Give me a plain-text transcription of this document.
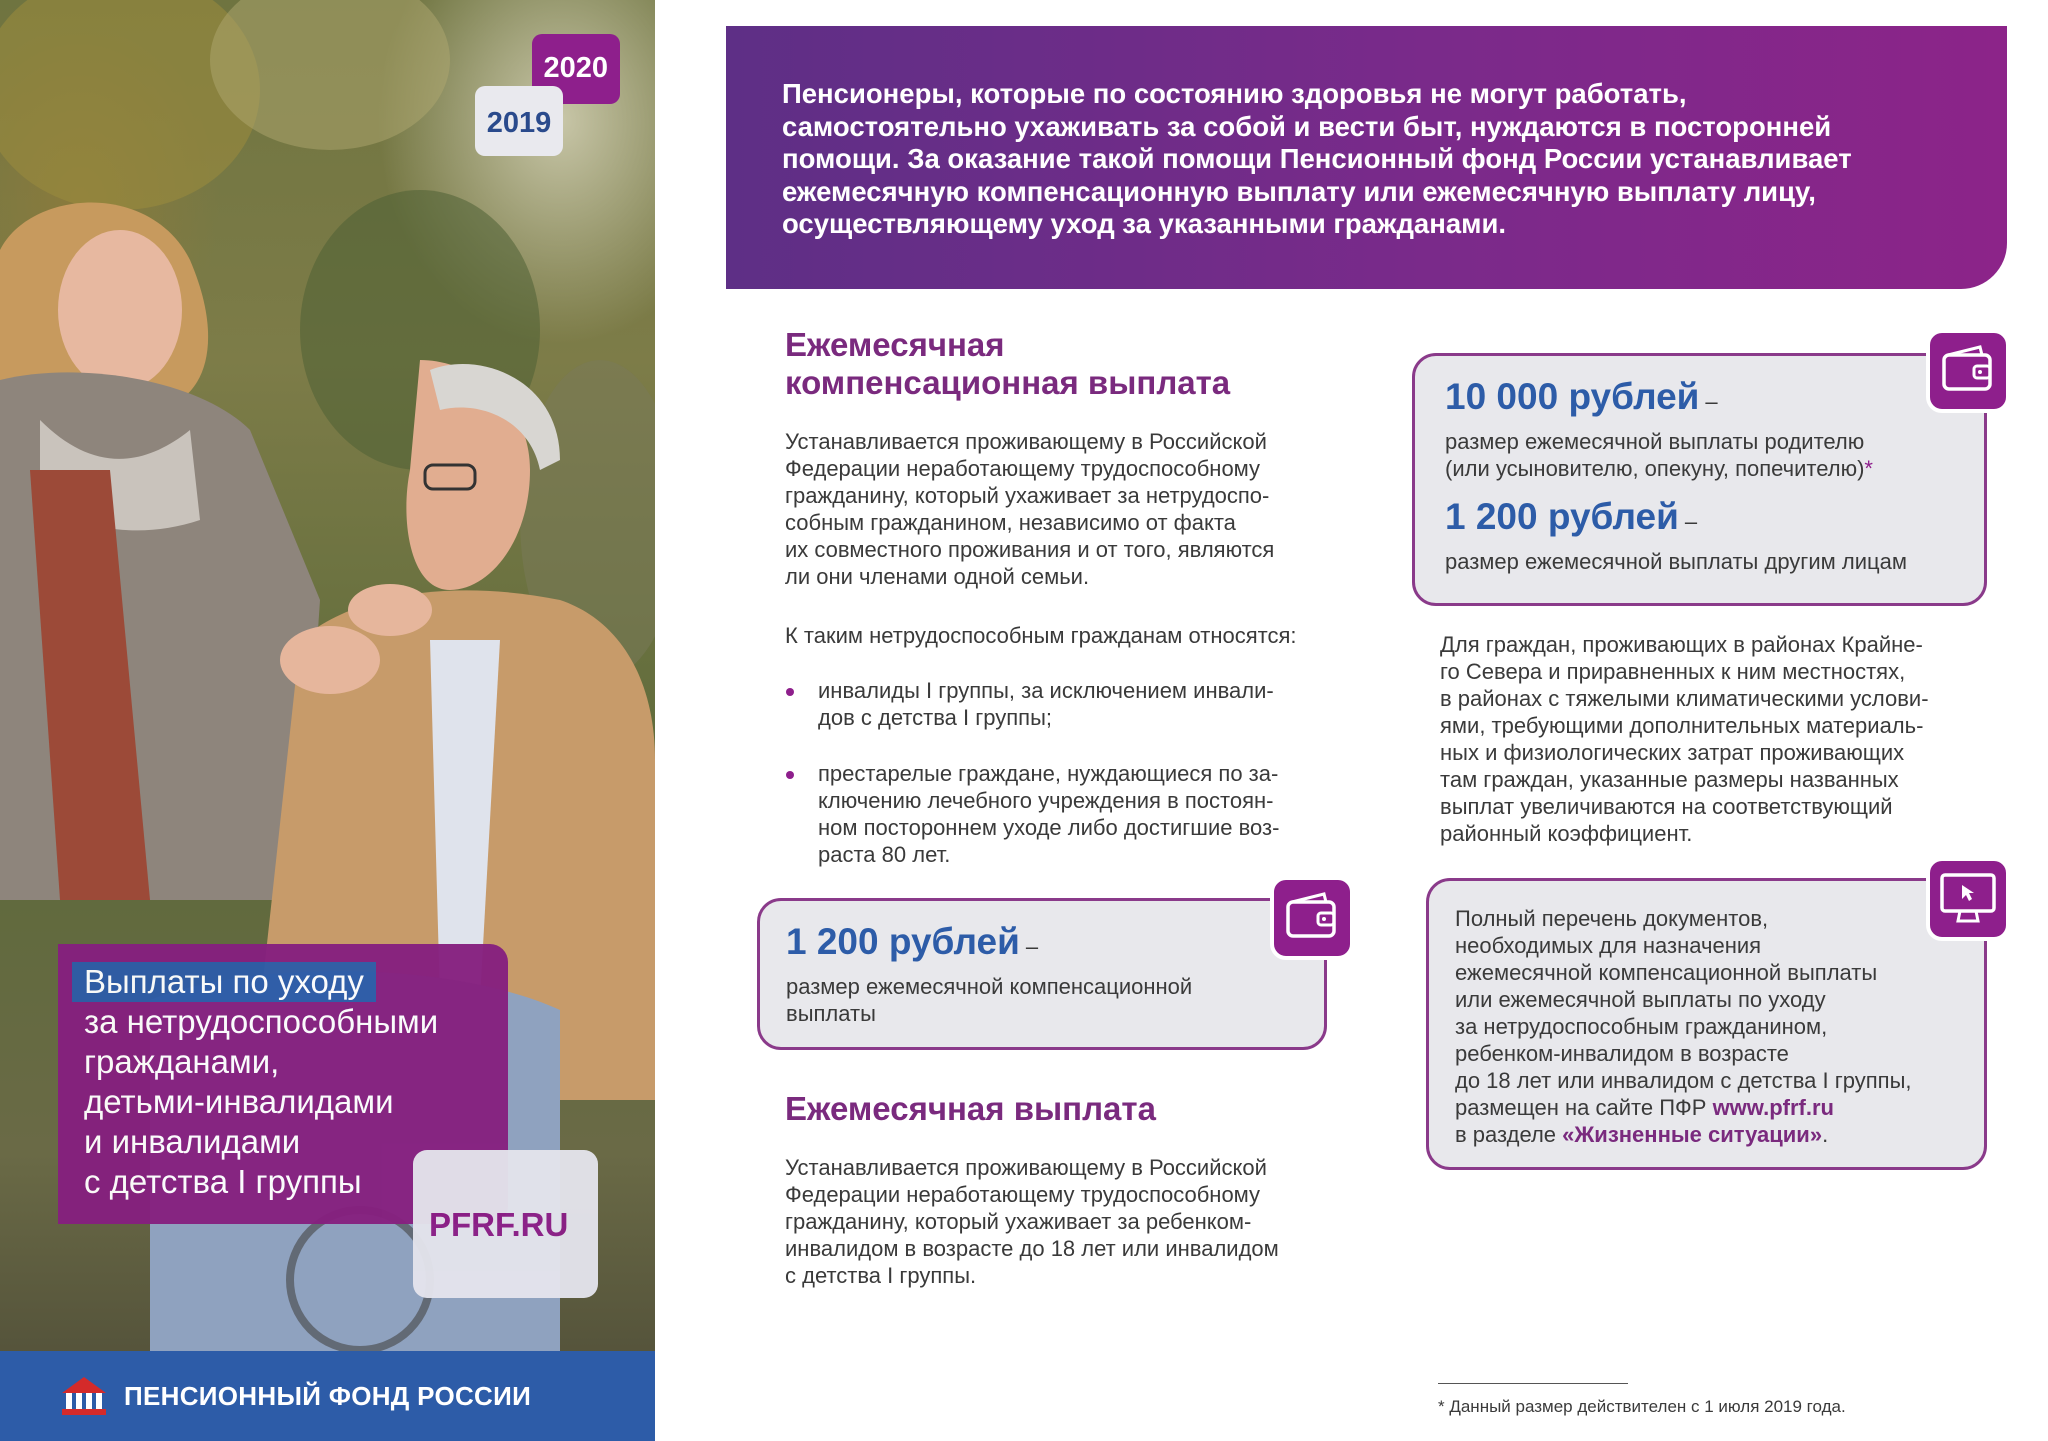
2020
2019
Выплаты по уходу
за нетрудоспособными
гражданами,
детьми-инвалидами
и инвалидами
с детства I группы
PFRF.RU
ПЕНСИОННЫЙ ФОНД РОССИИ
Пенсионеры, которые по состоянию здоровья не могут работать,
самостоятельно ухаживать за собой и вести быт, нуждаются в посторонней
помощи. За оказание такой помощи Пенсионный фонд России устанавливает
ежемесячную компенсационную выплату или ежемесячную выплату лицу,
осуществляющему уход за указанными гражданами.
Ежемесячная
компенсационная выплата
Устанавливается проживающему в Российской
Федерации неработающему трудоспособному
гражданину, который ухаживает за нетрудоспо-
собным гражданином, независимо от факта
их совместного проживания и от того, являются
ли они членами одной семьи.
К таким нетрудоспособным гражданам относятся:
инвалиды I группы, за исключением инвали-
дов с детства I группы;
престарелые граждане, нуждающиеся по за-
ключению лечебного учреждения в постоян-
ном постороннем уходе либо достигшие воз-
раста 80 лет.
1 200 рублей –
размер ежемесячной компенсационной
выплаты
Ежемесячная выплата
Устанавливается проживающему в Российской
Федерации неработающему трудоспособному
гражданину, который ухаживает за ребенком-
инвалидом в возрасте до 18 лет или инвалидом
с детства I группы.
10 000 рублей –
размер ежемесячной выплаты родителю
(или усыновителю, опекуну, попечителю)*
1 200 рублей –
размер ежемесячной выплаты другим лицам
Для граждан, проживающих в районах Крайне-
го Севера и приравненных к ним местностях,
в районах с тяжелыми климатическими услови-
ями, требующими дополнительных материаль-
ных и физиологических затрат проживающих
там граждан, указанные размеры названных
выплат увеличиваются на соответствующий
районный коэффициент.
Полный перечень документов,
необходимых для назначения
ежемесячной компенсационной выплаты
или ежемесячной выплаты по уходу
за нетрудоспособным гражданином,
ребенком-инвалидом в возрасте
до 18 лет или инвалидом с детства I группы,
размещен на сайте ПФР www.pfrf.ru
в разделе «Жизненные ситуации».
* Данный размер действителен с 1 июля 2019 года.
